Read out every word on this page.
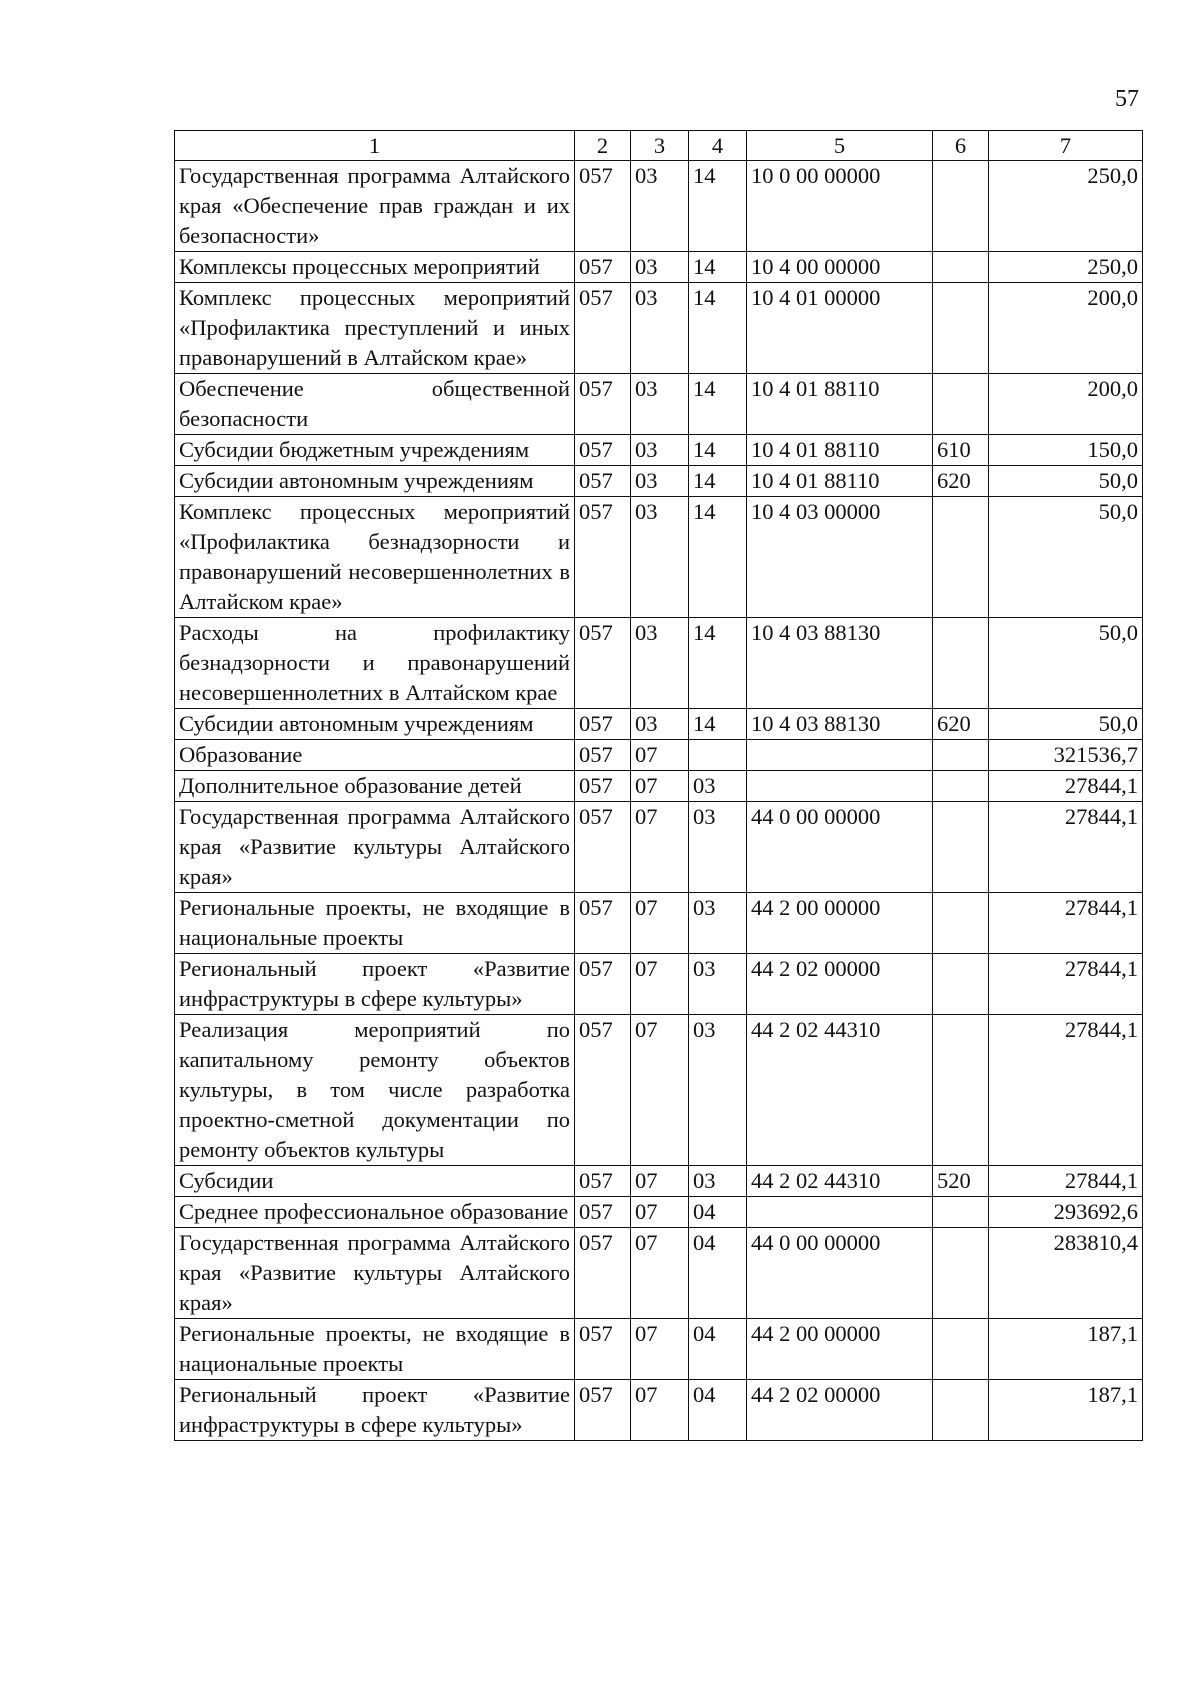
57
1	2	3	4	5	6	7
Государственная программа Алтайского края «Обеспечение прав граждан и их безопасности»	057	03	14	10 0 00 00000		250,0
Комплексы процессных мероприятий	057	03	14	10 4 00 00000		250,0
Комплекс процессных мероприятий «Профилактика преступлений и иных правонарушений в Алтайском крае»	057	03	14	10 4 01 00000		200,0
Обеспечение общественной безопасности	057	03	14	10 4 01 88110		200,0
Субсидии бюджетным учреждениям	057	03	14	10 4 01 88110	610	150,0
Субсидии автономным учреждениям	057	03	14	10 4 01 88110	620	50,0
Комплекс процессных мероприятий «Профилактика безнадзорности и правонарушений несовершеннолетних в Алтайском крае»	057	03	14	10 4 03 00000		50,0
Расходы на профилактику безнадзорности и правонарушений несовершеннолетних в Алтайском крае	057	03	14	10 4 03 88130		50,0
Субсидии автономным учреждениям	057	03	14	10 4 03 88130	620	50,0
Образование	057	07				321536,7
Дополнительное образование детей	057	07	03			27844,1
Государственная программа Алтайского края «Развитие культуры Алтайского края»	057	07	03	44 0 00 00000		27844,1
Региональные проекты, не входящие в национальные проекты	057	07	03	44 2 00 00000		27844,1
Региональный проект «Развитие инфраструктуры в сфере культуры»	057	07	03	44 2 02 00000		27844,1
Реализация мероприятий по капитальному ремонту объектов культуры, в том числе разработка проектно-сметной документации по ремонту объектов культуры	057	07	03	44 2 02 44310		27844,1
Субсидии	057	07	03	44 2 02 44310	520	27844,1
Среднее профессиональное образование	057	07	04			293692,6
Государственная программа Алтайского края «Развитие культуры Алтайского края»	057	07	04	44 0 00 00000		283810,4
Региональные проекты, не входящие в национальные проекты	057	07	04	44 2 00 00000		187,1
Региональный проект «Развитие инфраструктуры в сфере культуры»	057	07	04	44 2 02 00000		187,1
